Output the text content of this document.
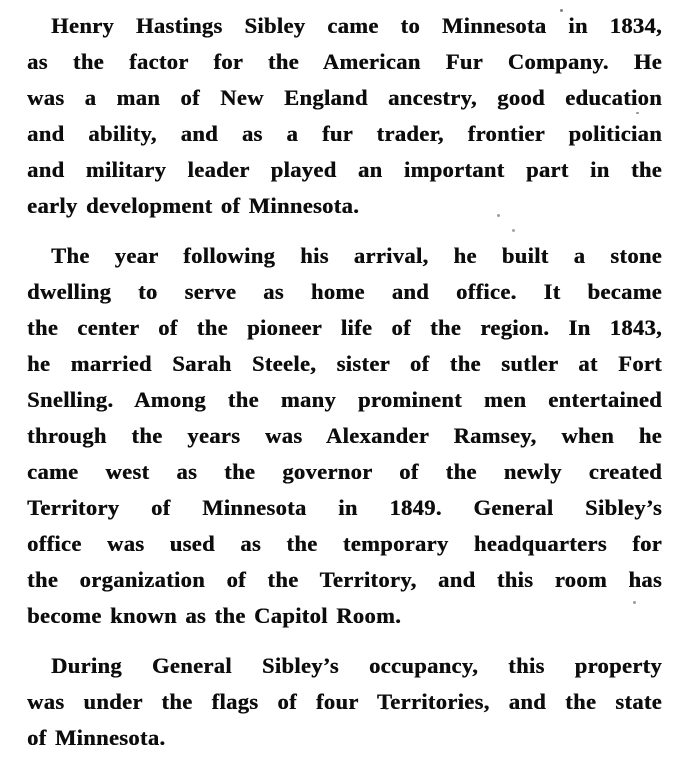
Henry Hastings Sibley came to Minnesota in 1834,
as the factor for the American Fur Company. He
was a man of New England ancestry, good education
and ability, and as a fur trader, frontier politician
and military leader played an important part in the
early development of Minnesota.
The year following his arrival, he built a stone
dwelling to serve as home and office. It became
the center of the pioneer life of the region. In 1843,
he married Sarah Steele, sister of the sutler at Fort
Snelling. Among the many prominent men entertained
through the years was Alexander Ramsey, when he
came west as the governor of the newly created
Territory of Minnesota in 1849. General Sibley’s
office was used as the temporary headquarters for
the organization of the Territory, and this room has
become known as the Capitol Room.
During General Sibley’s occupancy, this property
was under the flags of four Territories, and the state
of Minnesota.
